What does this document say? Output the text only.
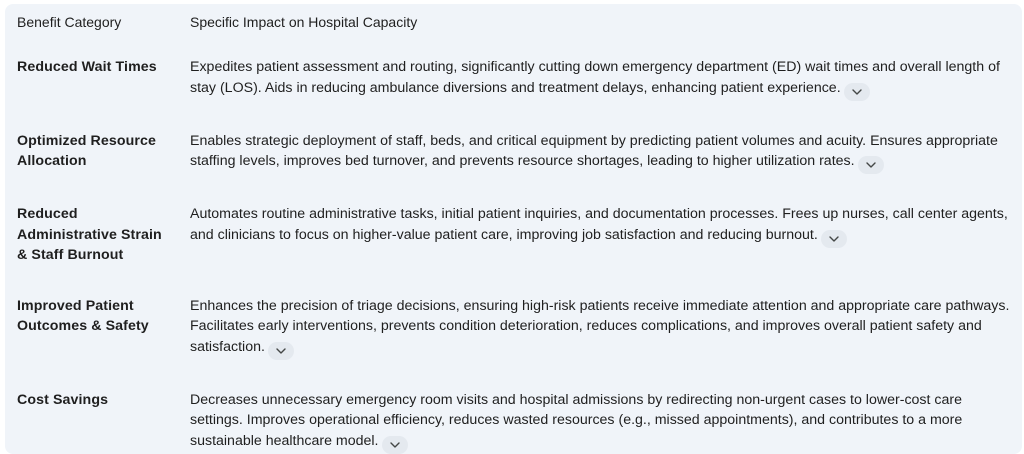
Benefit Category	Specific Impact on Hospital Capacity
Reduced Wait Times	Expedites patient assessment and routing, significantly cutting down emergency department (ED) wait times and overall length of stay (LOS). Aids in reducing ambulance diversions and treatment delays, enhancing patient experience.

Optimized Resource Allocation	Enables strategic deployment of staff, beds, and critical equipment by predicting patient volumes and acuity. Ensures appropriate staffing levels, improves bed turnover, and prevents resource shortages, leading to higher utilization rates.

Reduced Administrative Strain & Staff Burnout	Automates routine administrative tasks, initial patient inquiries, and documentation processes. Frees up nurses, call center agents, and clinicians to focus on higher-value patient care, improving job satisfaction and reducing burnout.

Improved Patient Outcomes & Safety	Enhances the precision of triage decisions, ensuring high-risk patients receive immediate attention and appropriate care pathways. Facilitates early interventions, prevents condition deterioration, reduces complications, and improves overall patient safety and satisfaction.

Cost Savings	Decreases unnecessary emergency room visits and hospital admissions by redirecting non-urgent cases to lower-cost care settings. Improves operational efficiency, reduces wasted resources (e.g., missed appointments), and contributes to a more sustainable healthcare model.
